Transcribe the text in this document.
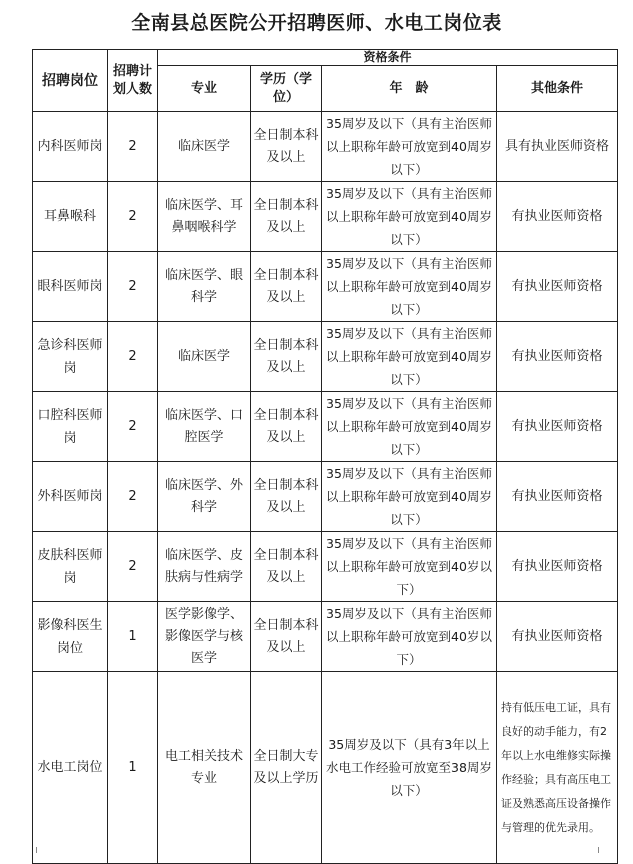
全南县总医院公开招聘医师、水电工岗位表
招聘岗位	招聘计划人数	资格条件			
		专业	学历（学位）	年　龄	其他条件
内科医师岗	2	临床医学	全日制本科及以上	35周岁及以下（具有主治医师以上职称年龄可放宽到40周岁以下）	具有执业医师资格
耳鼻喉科	2	临床医学、耳鼻咽喉科学	全日制本科及以上	35周岁及以下（具有主治医师以上职称年龄可放宽到40周岁以下）	有执业医师资格
眼科医师岗	2	临床医学、眼科学	全日制本科及以上	35周岁及以下（具有主治医师以上职称年龄可放宽到40周岁以下）	有执业医师资格
急诊科医师岗	2	临床医学	全日制本科及以上	35周岁及以下（具有主治医师以上职称年龄可放宽到40周岁以下）	有执业医师资格
口腔科医师岗	2	临床医学、口腔医学	全日制本科及以上	35周岁及以下（具有主治医师以上职称年龄可放宽到40周岁以下）	有执业医师资格
外科医师岗	2	临床医学、外科学	全日制本科及以上	35周岁及以下（具有主治医师以上职称年龄可放宽到40周岁以下）	有执业医师资格
皮肤科医师岗	2	临床医学、皮肤病与性病学	全日制本科及以上	35周岁及以下（具有主治医师以上职称年龄可放宽到40岁以下）	有执业医师资格
影像科医生岗位	1	医学影像学、影像医学与核医学	全日制本科及以上	35周岁及以下（具有主治医师以上职称年龄可放宽到40岁以下）	有执业医师资格
水电工岗位	1	电工相关技术专业	全日制大专及以上学历	35周岁及以下（具有3年以上水电工作经验可放宽至38周岁以下）	持有低压电工证，具有良好的动手能力，有2年以上水电维修实际操作经验；具有高压电工证及熟悉高压设备操作与管理的优先录用。
